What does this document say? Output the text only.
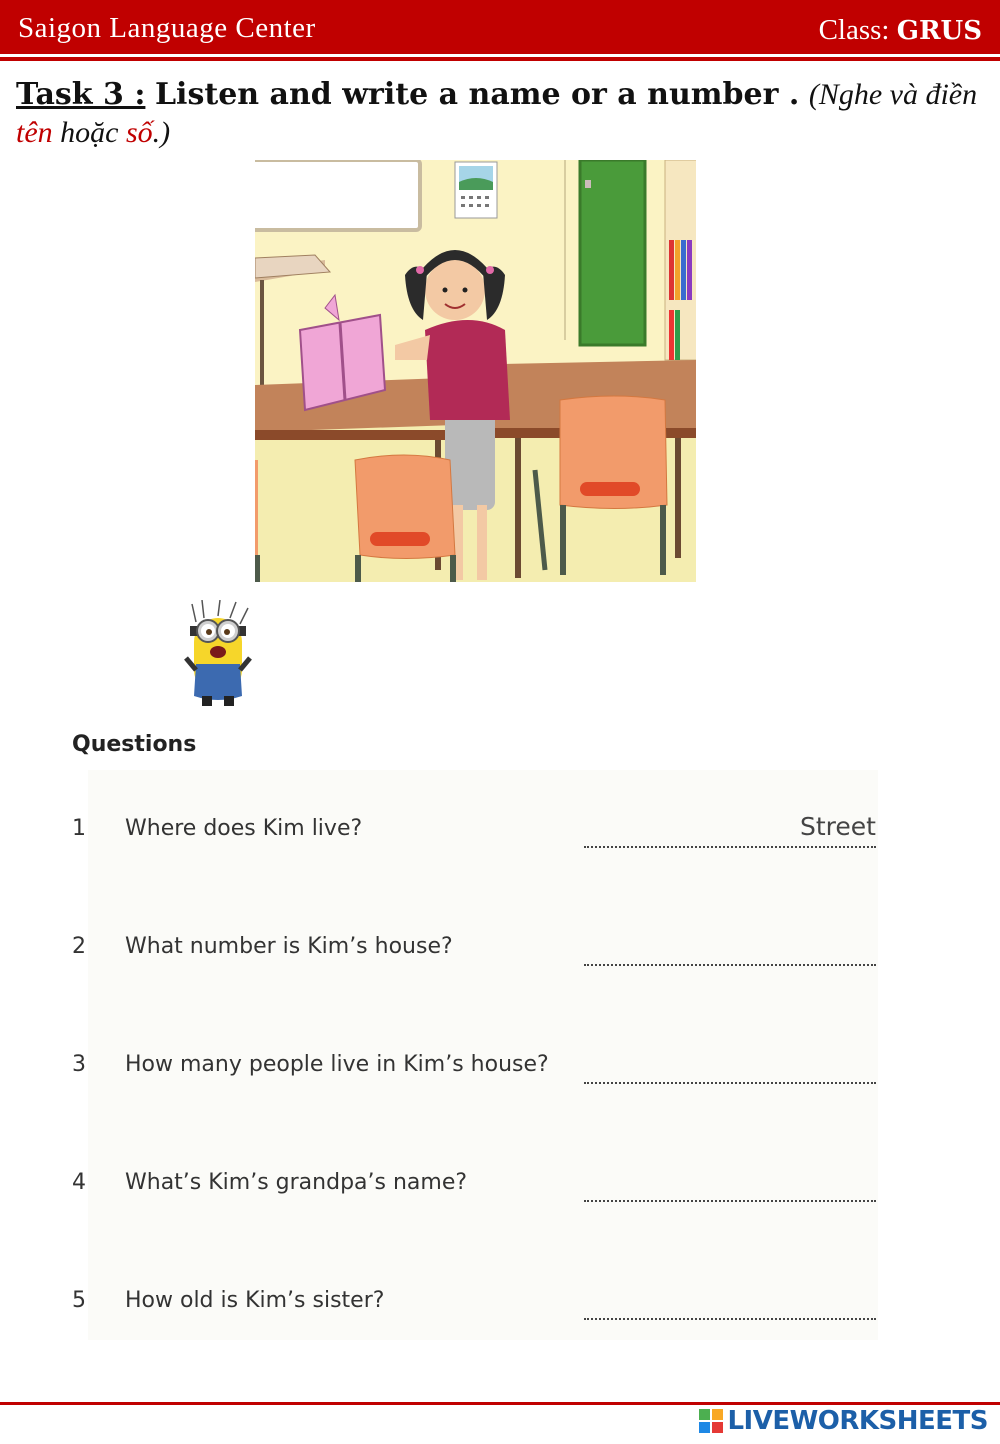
Saigon Language Center	Class: GRUS
Task 3 : Listen and write a name or a number . (Nghe và điền tên hoặc số.)
Questions
1 Where does Kim live?	Street
2 What number is Kim’s house?
3 How many people live in Kim’s house?
4 What’s Kim’s grandpa’s name?
5 How old is Kim’s sister?
LIVEWORKSHEETS
